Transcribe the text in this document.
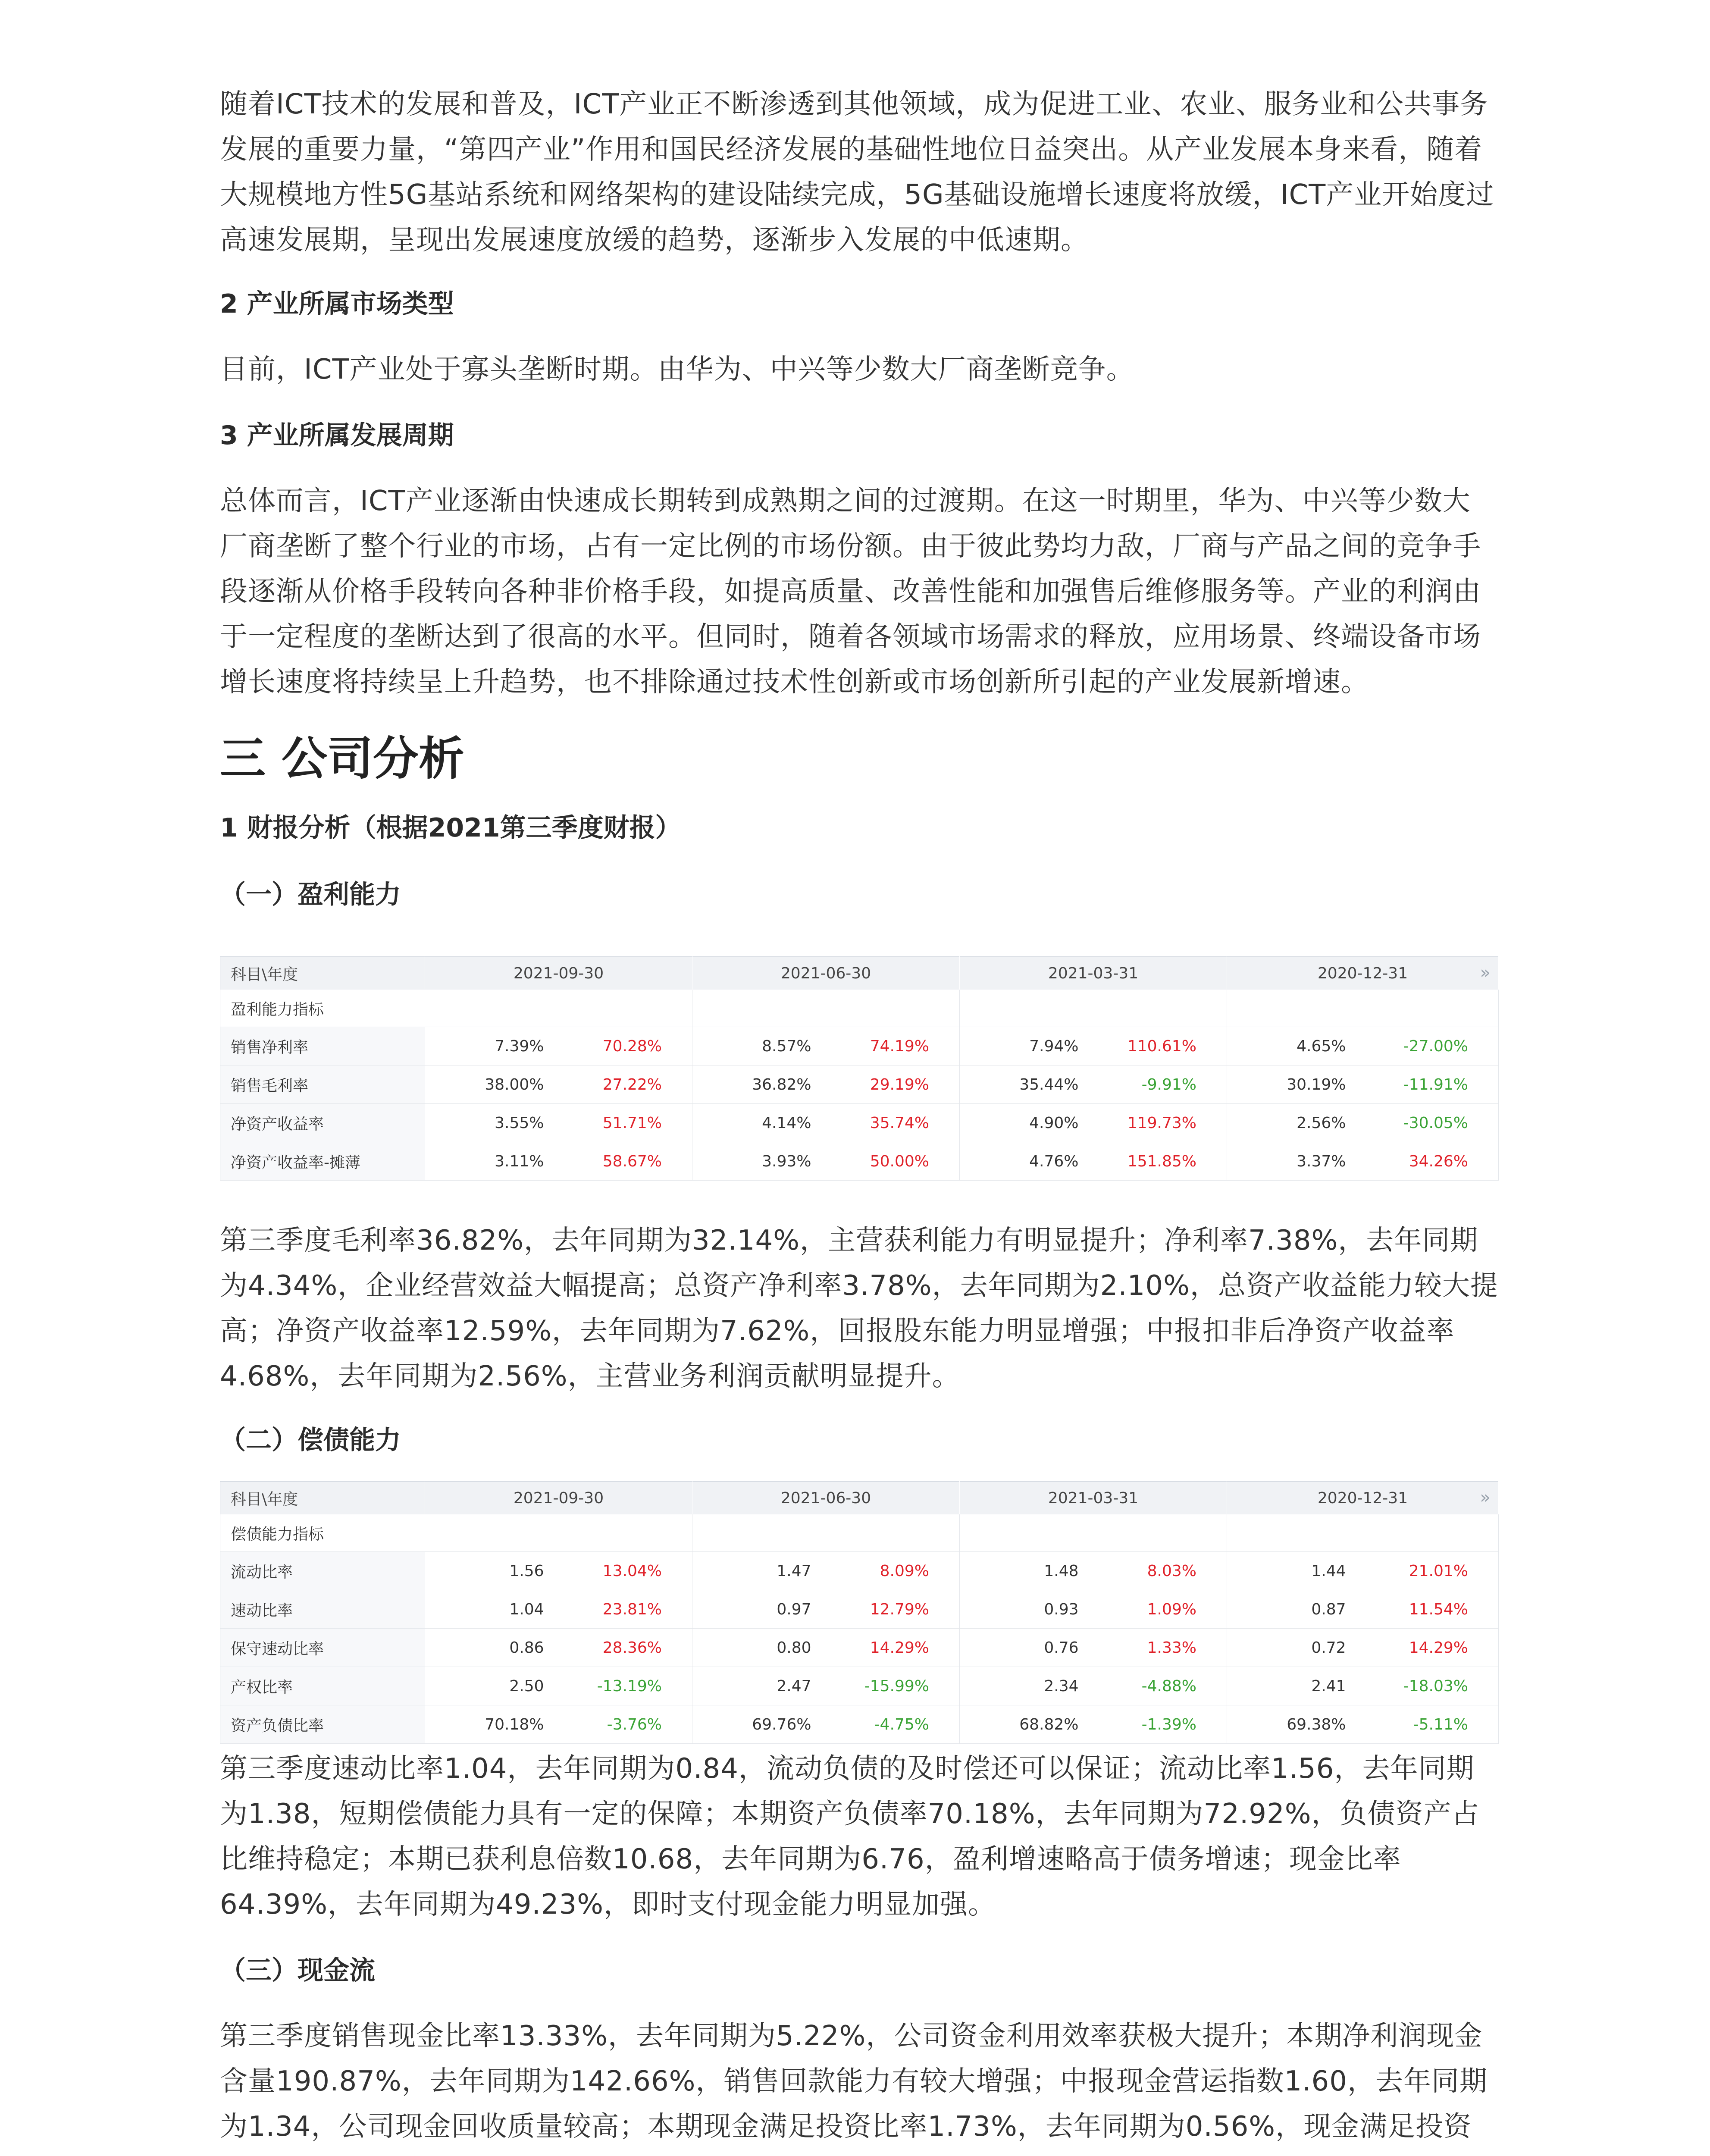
随着ICT技术的发展和普及，ICT产业正不断渗透到其他领域，成为促进工业、农业、服务业和公共事务发展的重要力量，“第四产业”作用和国民经济发展的基础性地位日益突出。从产业发展本身来看，随着大规模地方性5G基站系统和网络架构的建设陆续完成，5G基础设施增长速度将放缓，ICT产业开始度过高速发展期，呈现出发展速度放缓的趋势，逐渐步入发展的中低速期。

2 产业所属市场类型

目前，ICT产业处于寡头垄断时期。由华为、中兴等少数大厂商垄断竞争。

3 产业所属发展周期

总体而言，ICT产业逐渐由快速成长期转到成熟期之间的过渡期。在这一时期里，华为、中兴等少数大厂商垄断了整个行业的市场，占有一定比例的市场份额。由于彼此势均力敌，厂商与产品之间的竞争手段逐渐从价格手段转向各种非价格手段，如提高质量、改善性能和加强售后维修服务等。产业的利润由于一定程度的垄断达到了很高的水平。但同时，随着各领域市场需求的释放，应用场景、终端设备市场增长速度将持续呈上升趋势，也不排除通过技术性创新或市场创新所引起的产业发展新增速。

三 公司分析
1 财报分析（根据2021第三季度财报）
（一）盈利能力
科目\年度	2021-09-30		2021-06-30		2021-03-31		2020-12-31 »	

盈利能力指标								
销售净利率	7.39%	70.28%	8.57%	74.19%	7.94%	110.61%	4.65%	-27.00%
销售毛利率	38.00%	27.22%	36.82%	29.19%	35.44%	-9.91%	30.19%	-11.91%
净资产收益率	3.55%	51.71%	4.14%	35.74%	4.90%	119.73%	2.56%	-30.05%
净资产收益率-摊薄	3.11%	58.67%	3.93%	50.00%	4.76%	151.85%	3.37%	34.26%
科目\年度	2021-09-30		2021-06-30		2021-03-31		2020-12-31 »	

偿债能力指标								
流动比率	1.56	13.04%	1.47	8.09%	1.48	8.03%	1.44	21.01%
速动比率	1.04	23.81%	0.97	12.79%	0.93	1.09%	0.87	11.54%
保守速动比率	0.86	28.36%	0.80	14.29%	0.76	1.33%	0.72	14.29%
产权比率	2.50	-13.19%	2.47	-15.99%	2.34	-4.88%	2.41	-18.03%
资产负债比率	70.18%	-3.76%	69.76%	-4.75%	68.82%	-1.39%	69.38%	-5.11%

第三季度毛利率36.82%，去年同期为32.14%，主营获利能力有明显提升；净利率7.38%，去年同期为4.34%，企业经营效益大幅提高；总资产净利率3.78%，去年同期为2.10%，总资产收益能力较大提高；净资产收益率12.59%，去年同期为7.62%，回报股东能力明显增强；中报扣非后净资产收益率4.68%，去年同期为2.56%，主营业务利润贡献明显提升。

（二）偿债能力

第三季度速动比率1.04，去年同期为0.84，流动负债的及时偿还可以保证；流动比率1.56，去年同期为1.38，短期偿债能力具有一定的保障；本期资产负债率70.18%，去年同期为72.92%，负债资产占比维持稳定；本期已获利息倍数10.68，去年同期为6.76，盈利增速略高于债务增速；现金比率64.39%，去年同期为49.23%，即时支付现金能力明显加强。

（三）现金流

第三季度销售现金比率13.33%，去年同期为5.22%，公司资金利用效率获极大提升；本期净利润现金含量190.87%，去年同期为142.66%，销售回款能力有较大增强；中报现金营运指数1.60，去年同期为1.34，公司现金回收质量较高；本期现金满足投资比率1.73%，去年同期为0.56%，现金满足投资
